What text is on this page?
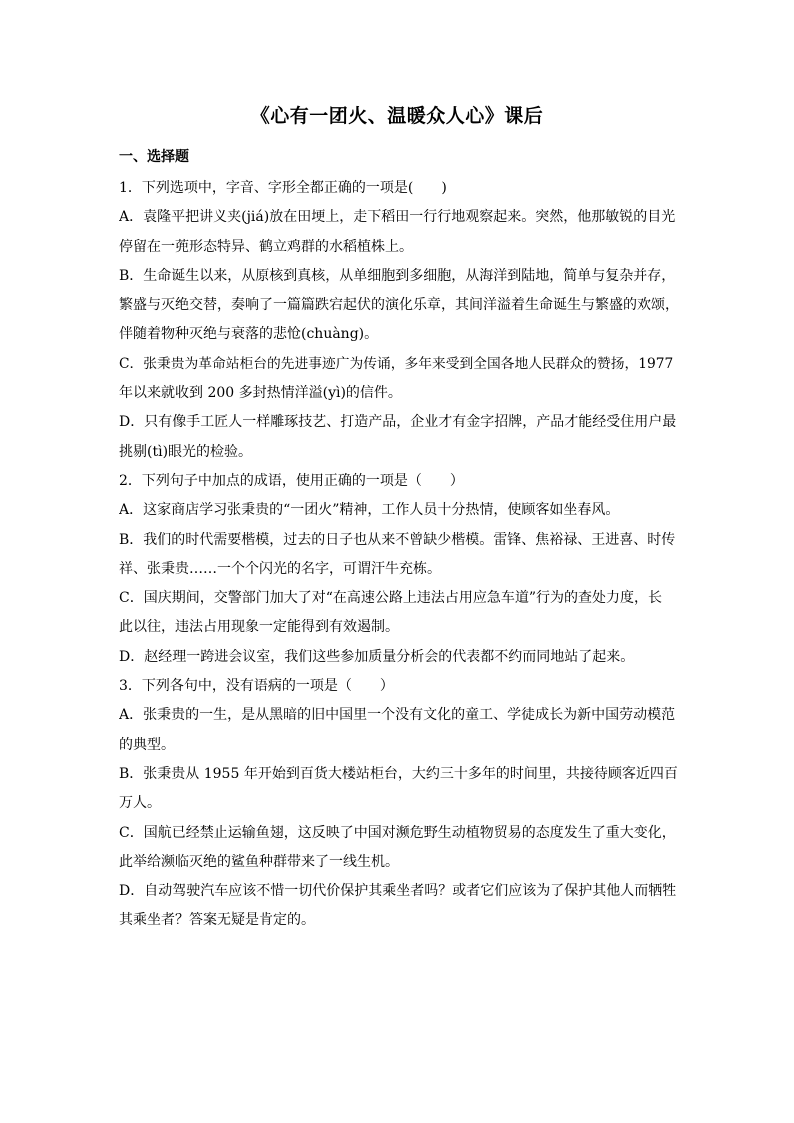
《心有一团火、温暖众人心》课后
一、选择题
1．下列选项中，字音、字形全都正确的一项是(　　)
A．袁隆平把讲义夹(jiá)放在田埂上，走下稻田一行行地观察起来。突然，他那敏锐的目光
停留在一蔸形态特异、鹤立鸡群的水稻植株上。
B．生命诞生以来，从原核到真核，从单细胞到多细胞，从海洋到陆地，简单与复杂并存，
繁盛与灭绝交替，奏响了一篇篇跌宕起伏的演化乐章，其间洋溢着生命诞生与繁盛的欢颂，
伴随着物种灭绝与衰落的悲怆(chuàng)。
C．张秉贵为革命站柜台的先进事迹广为传诵，多年来受到全国各地人民群众的赞扬，1977
年以来就收到 200 多封热情洋溢(yì)的信件。
D．只有像手工匠人一样雕琢技艺、打造产品，企业才有金字招牌，产品才能经受住用户最
挑剔(tì)眼光的检验。
2．下列句子中加点的成语，使用正确的一项是（　　）
A．这家商店学习张秉贵的“一团火”精神，工作人员十分热情，使顾客如坐春风。
B．我们的时代需要楷模，过去的日子也从来不曾缺少楷模。雷锋、焦裕禄、王进喜、时传
祥、张秉贵……一个个闪光的名字，可谓汗牛充栋。
C．国庆期间，交警部门加大了对“在高速公路上违法占用应急车道”行为的查处力度，长
此以往，违法占用现象一定能得到有效遏制。
D．赵经理一跨进会议室，我们这些参加质量分析会的代表都不约而同地站了起来。
3．下列各句中，没有语病的一项是（　　）
A．张秉贵的一生，是从黑暗的旧中国里一个没有文化的童工、学徒成长为新中国劳动模范
的典型。
B．张秉贵从 1955 年开始到百货大楼站柜台，大约三十多年的时间里，共接待顾客近四百
万人。
C．国航已经禁止运输鱼翅，这反映了中国对濒危野生动植物贸易的态度发生了重大变化，
此举给濒临灭绝的鲨鱼种群带来了一线生机。
D．自动驾驶汽车应该不惜一切代价保护其乘坐者吗？或者它们应该为了保护其他人而牺牲
其乘坐者？答案无疑是肯定的。
